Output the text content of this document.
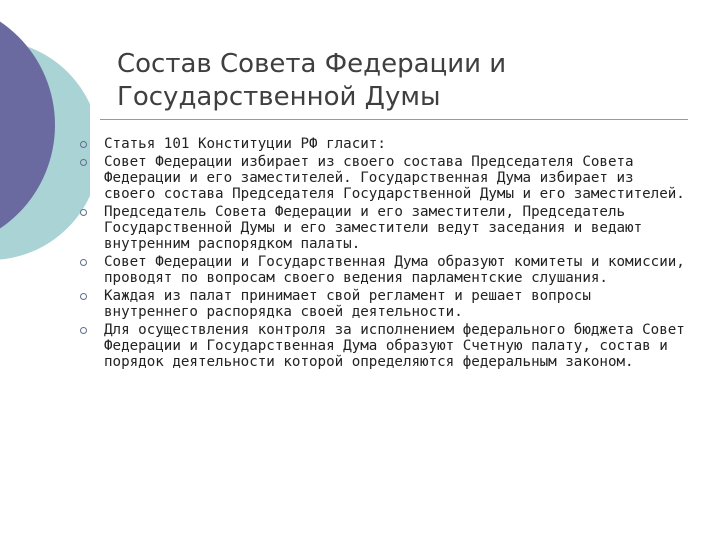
Состав Совета Федерации и
Государственной Думы
Статья 101 Конституции РФ гласит:
Совет Федерации избирает из своего состава Председателя Совета Федерации и его заместителей. Государственная Дума избирает из своего состава Председателя Государственной Думы и его заместителей.
Председатель Совета Федерации и его заместители, Председатель Государственной Думы и его заместители ведут заседания и ведают внутренним распорядком палаты.
Совет Федерации и Государственная Дума образуют комитеты и комиссии, проводят по вопросам своего ведения парламентские слушания.
Каждая из палат принимает свой регламент и решает вопросы внутреннего распорядка своей деятельности.
Для осуществления контроля за исполнением федерального бюджета Совет Федерации и Государственная Дума образуют Счетную палату, состав и порядок деятельности которой определяются федеральным законом.
